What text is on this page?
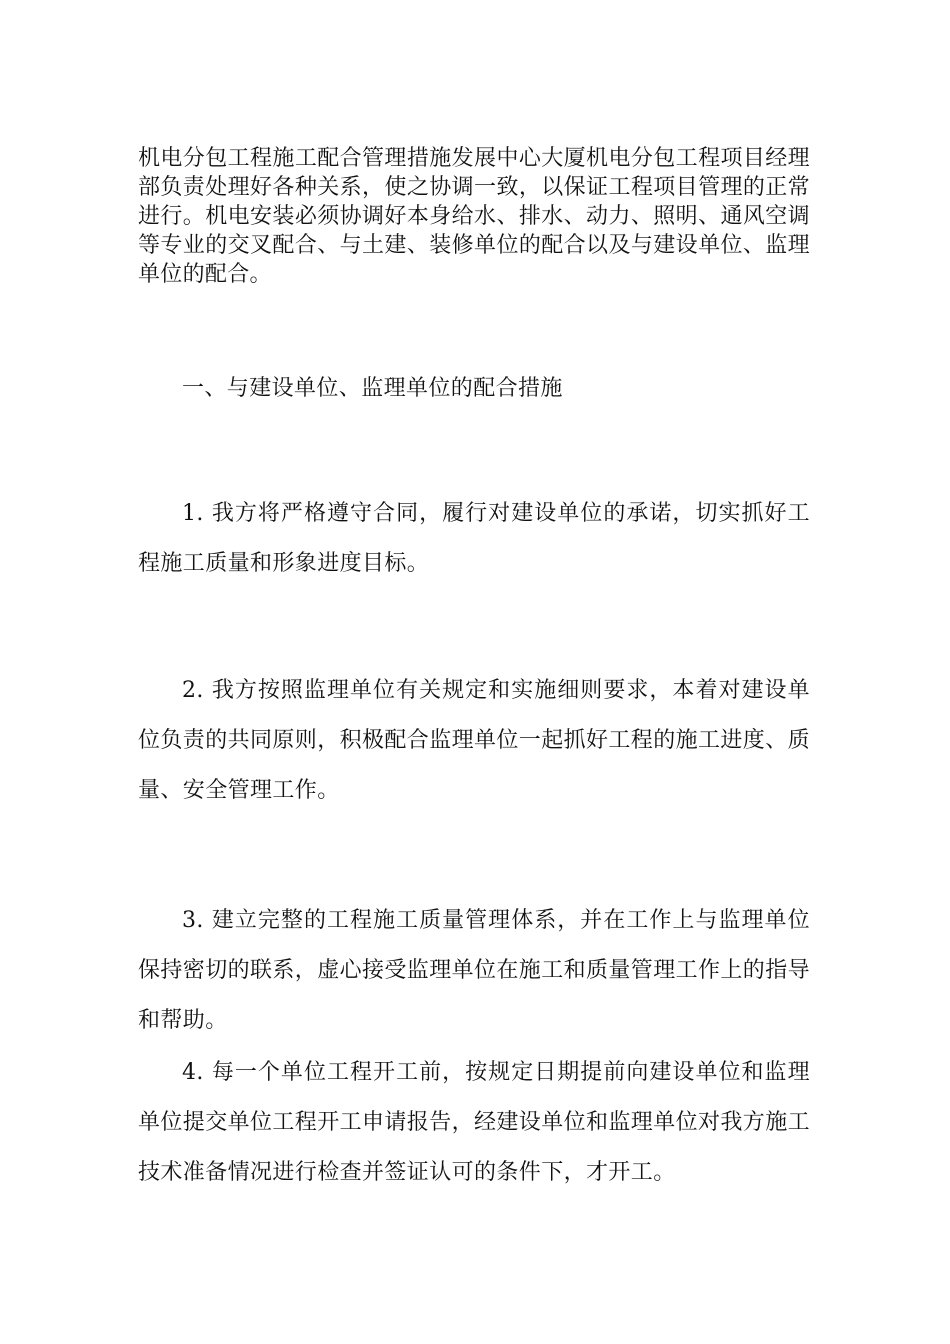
机电分包工程施工配合管理措施发展中心大厦机电分包工程项目经理部负责处理好各种关系，使之协调一致，以保证工程项目管理的正常进行。机电安装必须协调好本身给水、排水、动力、照明、通风空调等专业的交叉配合、与土建、装修单位的配合以及与建设单位、监理单位的配合。

一、与建设单位、监理单位的配合措施

1. 我方将严格遵守合同，履行对建设单位的承诺，切实抓好工程施工质量和形象进度目标。

2. 我方按照监理单位有关规定和实施细则要求，本着对建设单位负责的共同原则，积极配合监理单位一起抓好工程的施工进度、质量、安全管理工作。

3. 建立完整的工程施工质量管理体系，并在工作上与监理单位保持密切的联系，虚心接受监理单位在施工和质量管理工作上的指导和帮助。

4. 每一个单位工程开工前，按规定日期提前向建设单位和监理单位提交单位工程开工申请报告，经建设单位和监理单位对我方施工技术准备情况进行检查并签证认可的条件下，才开工。
